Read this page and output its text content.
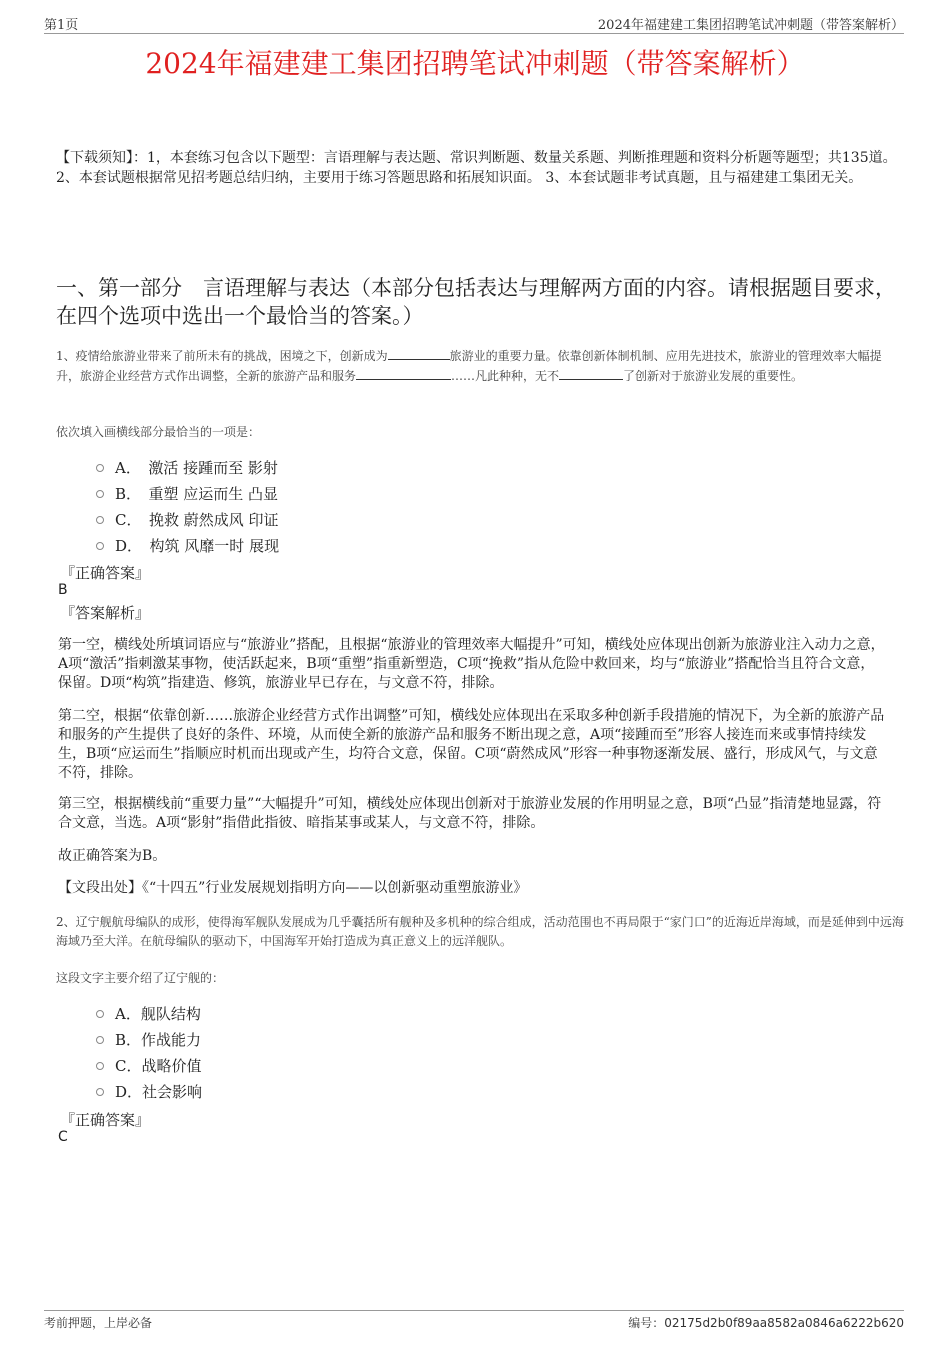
第1页	2024年福建建工集团招聘笔试冲刺题（带答案解析）
2024年福建建工集团招聘笔试冲刺题（带答案解析）
【下载须知】：1，本套练习包含以下题型：言语理解与表达题、常识判断题、数量关系题、判断推理题和资料分析题等题型；共135道。 2、本套试题根据常见招考题总结归纳，主要用于练习答题思路和拓展知识面。 3、本套试题非考试真题，且与福建建工集团无关。
一、第一部分　言语理解与表达（本部分包括表达与理解两方面的内容。请根据题目要求，在四个选项中选出一个最恰当的答案。）
1、疫情给旅游业带来了前所未有的挑战，困境之下，创新成为	旅游业的重要力量。依靠创新体制机制、应用先进技术，旅游业的管理效率大幅提升，旅游企业经营方式作出调整，全新的旅游产品和服务	……凡此种种，无不	了创新对于旅游业发展的重要性。
依次填入画横线部分最恰当的一项是：
A．　激活 接踵而至 影射
B．　重塑 应运而生 凸显
C．　挽救 蔚然成风 印证
D．　构筑 风靡一时 展现
『正确答案』
B
『答案解析』
第一空，横线处所填词语应与“旅游业”搭配，且根据“旅游业的管理效率大幅提升”可知，横线处应体现出创新为旅游业注入动力之意，A项“激活”指刺激某事物，使活跃起来，B项“重塑”指重新塑造，C项“挽救”指从危险中救回来，均与“旅游业”搭配恰当且符合文意，保留。D项“构筑”指建造、修筑，旅游业早已存在，与文意不符，排除。
第二空，根据“依靠创新……旅游企业经营方式作出调整”可知，横线处应体现出在采取多种创新手段措施的情况下，为全新的旅游产品和服务的产生提供了良好的条件、环境，从而使全新的旅游产品和服务不断出现之意，A项“接踵而至”形容人接连而来或事情持续发生，B项“应运而生”指顺应时机而出现或产生，均符合文意，保留。C项“蔚然成风”形容一种事物逐渐发展、盛行，形成风气，与文意不符，排除。
第三空，根据横线前“重要力量”“大幅提升”可知，横线处应体现出创新对于旅游业发展的作用明显之意，B项“凸显”指清楚地显露，符合文意，当选。A项“影射”指借此指彼、暗指某事或某人，与文意不符，排除。
故正确答案为B。
【文段出处】《“十四五”行业发展规划指明方向——以创新驱动重塑旅游业》
2、辽宁舰航母编队的成形，使得海军舰队发展成为几乎囊括所有舰种及多机种的综合组成，活动范围也不再局限于“家门口”的近海近岸海域，而是延伸到中远海海域乃至大洋。在航母编队的驱动下，中国海军开始打造成为真正意义上的远洋舰队。
这段文字主要介绍了辽宁舰的：
A．舰队结构
B．作战能力
C．战略价值
D．社会影响
『正确答案』
C
考前押题，上岸必备	编号：02175d2b0f89aa8582a0846a6222b620
